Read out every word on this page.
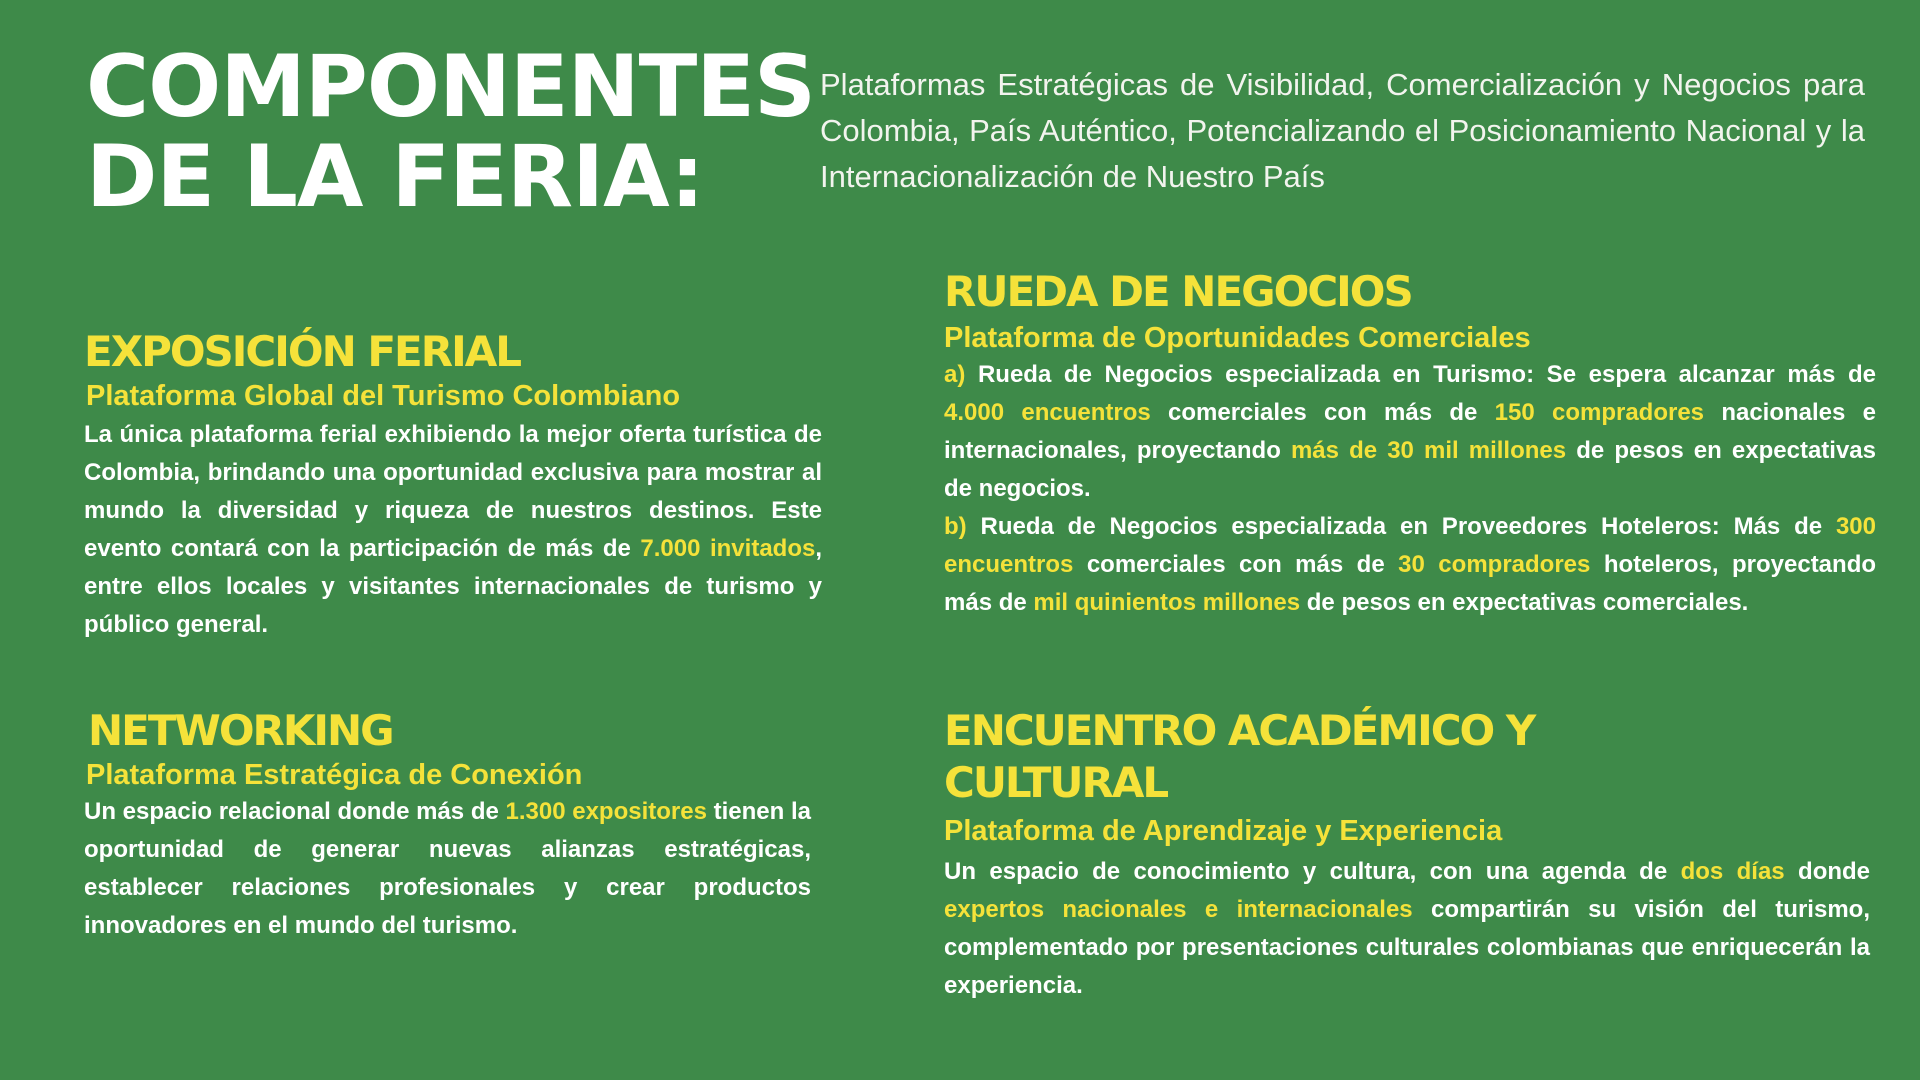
COMPONENTES
DE LA FERIA:

Plataformas Estratégicas de Visibilidad, Comercialización y Negocios para Colombia, País Auténtico, Potencializando el Posicionamiento Nacional y la Internacionalización de Nuestro País

EXPOSICIÓN FERIAL
Plataforma Global del Turismo Colombiano

La única plataforma ferial exhibiendo la mejor oferta turística de Colombia, brindando una oportunidad exclusiva para mostrar al mundo la diversidad y riqueza de nuestros destinos. Este evento contará con la participación de más de 7.000 invitados, entre ellos locales y visitantes internacionales de turismo y público general.

NETWORKING
Plataforma Estratégica de Conexión

Un espacio relacional donde más de 1.300 expositores tienen la oportunidad de generar nuevas alianzas estratégicas, establecer relaciones profesionales y crear productos innovadores en el mundo del turismo.

RUEDA DE NEGOCIOS
Plataforma de Oportunidades Comerciales

a) Rueda de Negocios especializada en Turismo: Se espera alcanzar más de 4.000 encuentros comerciales con más de 150 compradores nacionales e internacionales, proyectando más de 30 mil millones de pesos en expectativas de negocios.

b) Rueda de Negocios especializada en Proveedores Hoteleros: Más de 300 encuentros comerciales con más de 30 compradores hoteleros, proyectando más de mil quinientos millones de pesos en expectativas comerciales.

ENCUENTRO ACADÉMICO Y
CULTURAL
Plataforma de Aprendizaje y Experiencia

Un espacio de conocimiento y cultura, con una agenda de dos días donde expertos nacionales e internacionales compartirán su visión del turismo, complementado por presentaciones culturales colombianas que enriquecerán la experiencia.
